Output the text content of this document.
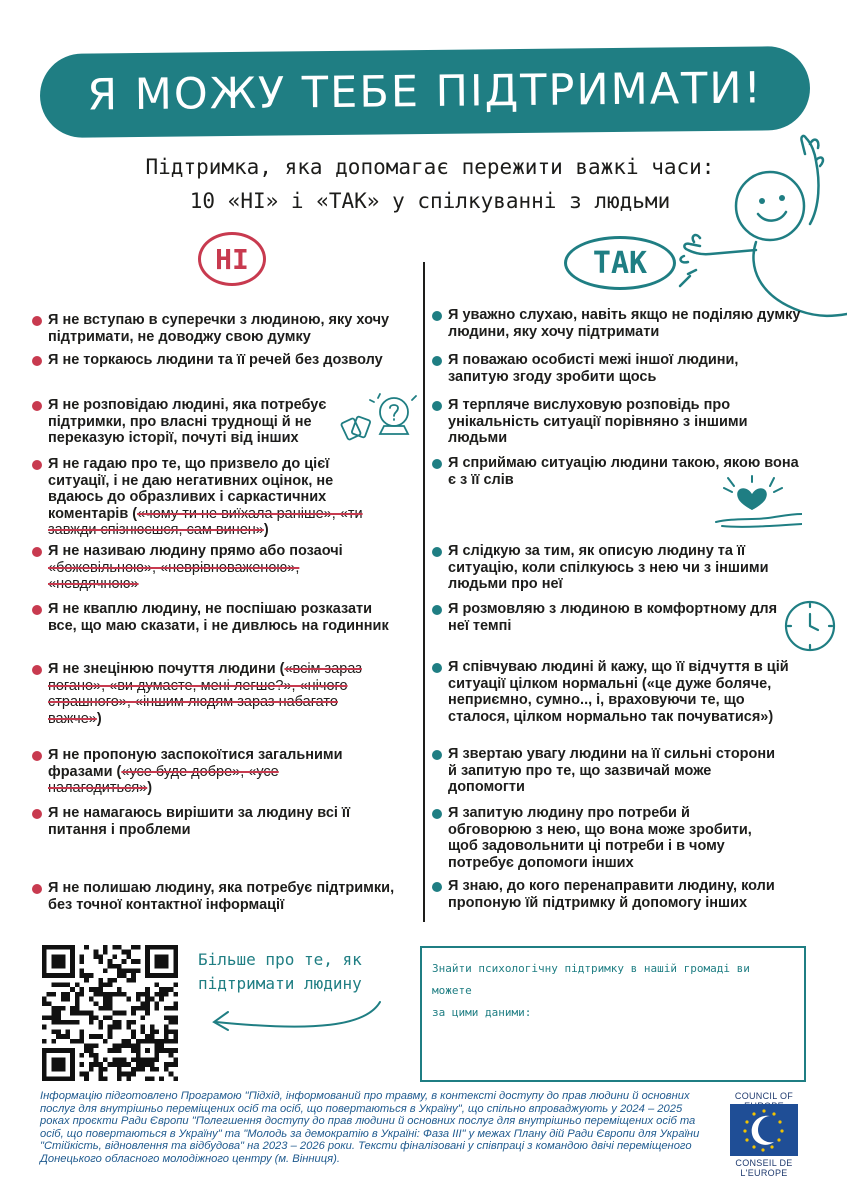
Я МОЖУ ТЕБЕ ПІДТРИМАТИ!
Підтримка, яка допомагає пережити важкі часи:
10 «НІ» і «ТАК» у спілкуванні з людьми
НІ	ТАК
Я не вступаю в суперечки з людиною, яку хочу підтримати, не доводжу свою думку
Я не торкаюсь людини та її речей без дозволу
Я не розповідаю людині, яка потребує підтримки, про власні труднощі й не переказую історії, почуті від інших
Я не гадаю про те, що призвело до цієї ситуації, і не даю негативних оцінок, не вдаюсь до образливих і саркастичних коментарів («чому ти не виїхала раніше», «ти завжди спізнюєшся, сам винен»)
Я не називаю людину прямо або позаочі «божевільною», «неврівноваженою», «невдячною»
Я не кваплю людину, не поспішаю розказати все, що маю сказати, і не дивлюсь на годинник
Я не знецінюю почуття людини («всім зараз погано», «ви думаєте, мені легше?», «нічого страшного», «іншим людям зараз набагато важче»)
Я не пропоную заспокоїтися загальними фразами («усе буде добре», «усе налагодиться»)
Я не намагаюсь вирішити за людину всі її питання і проблеми
Я не полишаю людину, яка потребує підтримки, без точної контактної інформації
Я уважно слухаю, навіть якщо не поділяю думку людини, яку хочу підтримати
Я поважаю особисті межі іншої людини, запитую згоду зробити щось
Я терпляче вислуховую розповідь про унікальність ситуації порівняно з іншими людьми
Я сприймаю ситуацію людини такою, якою вона є з її слів
Я слідкую за тим, як описую людину та її ситуацію, коли спілкуюсь з нею чи з іншими людьми про неї
Я розмовляю з людиною в комфортному для неї темпі
Я співчуваю людині й кажу, що її відчуття в цій ситуації цілком нормальні («це дуже боляче, неприємно, сумно.., і, враховуючи те, що сталося, цілком нормально так почуватися»)
Я звертаю увагу людини на її сильні сторони й запитую про те, що зазвичай може допомогти
Я запитую людину про потреби й обговорюю з нею, що вона може зробити, щоб задовольнити ці потреби і в чому потребує допомоги інших
Я знаю, до кого перенаправити людину, коли пропоную їй підтримку й допомогу інших
Більше про те, як
підтримати людину
Знайти психологічну підтримку в нашій громаді ви можете
за цими даними:
Інформацію підготовлено Програмою "Підхід, інформований про травму, в контексті доступу до прав людини й основних послуг для внутрішньо переміщених осіб та осіб, що повертаються в Україну", що спільно впроваджують у 2024 – 2025 роках проєкти Ради Європи "Полегшення доступу до прав людини й основних послуг для внутрішньо переміщених осіб та осіб, що повертаються в Україну" та "Молодь за демократію в Україні: Фаза III" у межах Плану дій Ради Європи для України "Стійкість, відновлення та відбудова" на 2023 – 2026 роки. Тексти фіналізовані у співпраці з командою двічі переміщеного Донецького обласного молодіжного центру (м. Вінниця).
COUNCIL OF
CONSEIL DE L'EUROPE
